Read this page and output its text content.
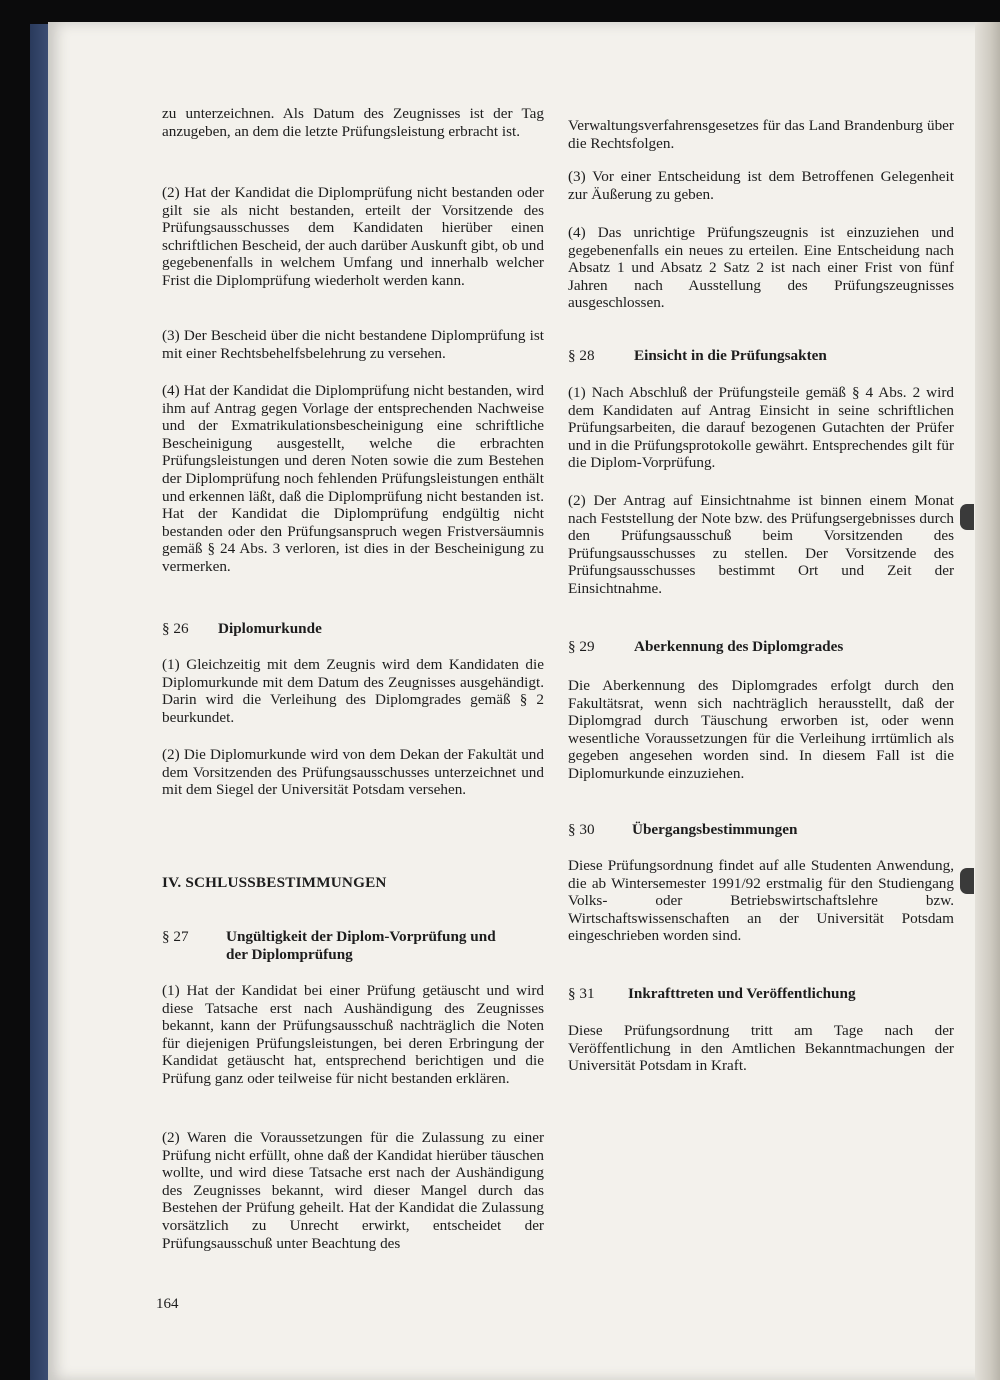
zu unterzeichnen. Als Datum des Zeugnisses ist der Tag anzugeben, an dem die letzte Prüfungsleistung erbracht ist.

(2) Hat der Kandidat die Diplomprüfung nicht bestanden oder gilt sie als nicht bestanden, erteilt der Vorsitzende des Prüfungsausschusses dem Kandidaten hierüber einen schriftlichen Bescheid, der auch darüber Auskunft gibt, ob und gegebenenfalls in welchem Umfang und innerhalb welcher Frist die Diplomprüfung wiederholt werden kann.

(3) Der Bescheid über die nicht bestandene Diplomprüfung ist mit einer Rechtsbehelfsbelehrung zu versehen.

(4) Hat der Kandidat die Diplomprüfung nicht bestanden, wird ihm auf Antrag gegen Vorlage der entsprechenden Nachweise und der Exmatrikulationsbescheinigung eine schriftliche Bescheinigung ausgestellt, welche die erbrachten Prüfungsleistungen und deren Noten sowie die zum Bestehen der Diplomprüfung noch fehlenden Prüfungsleistungen enthält und erkennen läßt, daß die Diplomprüfung nicht bestanden ist. Hat der Kandidat die Diplomprüfung endgültig nicht bestanden oder den Prüfungsanspruch wegen Fristversäumnis gemäß § 24 Abs. 3 verloren, ist dies in der Bescheinigung zu vermerken.

§ 26	Diplomurkunde

(1) Gleichzeitig mit dem Zeugnis wird dem Kandidaten die Diplomurkunde mit dem Datum des Zeugnisses ausgehändigt. Darin wird die Verleihung des Diplomgrades gemäß § 2 beurkundet.

(2) Die Diplomurkunde wird von dem Dekan der Fakultät und dem Vorsitzenden des Prüfungsausschusses unterzeichnet und mit dem Siegel der Universität Potsdam versehen.

IV. SCHLUSSBESTIMMUNGEN
§ 27	Ungültigkeit der Diplom-Vorprüfung und
der Diplomprüfung

(1) Hat der Kandidat bei einer Prüfung getäuscht und wird diese Tatsache erst nach Aushändigung des Zeugnisses bekannt, kann der Prüfungsausschuß nachträglich die Noten für diejenigen Prüfungsleistungen, bei deren Erbringung der Kandidat getäuscht hat, entsprechend berichtigen und die Prüfung ganz oder teilweise für nicht bestanden erklären.

(2) Waren die Voraussetzungen für die Zulassung zu einer Prüfung nicht erfüllt, ohne daß der Kandidat hierüber täuschen wollte, und wird diese Tatsache erst nach der Aushändigung des Zeugnisses bekannt, wird dieser Mangel durch das Bestehen der Prüfung geheilt. Hat der Kandidat die Zulassung vorsätzlich zu Unrecht erwirkt, entscheidet der Prüfungsausschuß unter Beachtung des

Verwaltungsverfahrensgesetzes für das Land Brandenburg über die Rechtsfolgen.

(3) Vor einer Entscheidung ist dem Betroffenen Gelegenheit zur Äußerung zu geben.

(4) Das unrichtige Prüfungszeugnis ist einzuziehen und gegebenenfalls ein neues zu erteilen. Eine Entscheidung nach Absatz 1 und Absatz 2 Satz 2 ist nach einer Frist von fünf Jahren nach Ausstellung des Prüfungszeugnisses ausgeschlossen.

§ 28	Einsicht in die Prüfungsakten

(1) Nach Abschluß der Prüfungsteile gemäß § 4 Abs. 2 wird dem Kandidaten auf Antrag Einsicht in seine schriftlichen Prüfungsarbeiten, die darauf bezogenen Gutachten der Prüfer und in die Prüfungsprotokolle gewährt. Entsprechendes gilt für die Diplom-Vorprüfung.

(2) Der Antrag auf Einsichtnahme ist binnen einem Monat nach Feststellung der Note bzw. des Prüfungsergebnisses durch den Prüfungsausschuß beim Vorsitzenden des Prüfungsausschusses zu stellen. Der Vorsitzende des Prüfungsausschusses bestimmt Ort und Zeit der Einsichtnahme.

§ 29	Aberkennung des Diplomgrades

Die Aberkennung des Diplomgrades erfolgt durch den Fakultätsrat, wenn sich nachträglich herausstellt, daß der Diplomgrad durch Täuschung erworben ist, oder wenn wesentliche Voraussetzungen für die Verleihung irrtümlich als gegeben angesehen worden sind. In diesem Fall ist die Diplomurkunde einzuziehen.

§ 30	Übergangsbestimmungen

Diese Prüfungsordnung findet auf alle Studenten Anwendung, die ab Wintersemester 1991/92 erstmalig für den Studiengang Volks- oder Betriebswirtschaftslehre bzw. Wirtschaftswissenschaften an der Universität Potsdam eingeschrieben worden sind.

§ 31	Inkrafttreten und Veröffentlichung

Diese Prüfungsordnung tritt am Tage nach der Veröffentlichung in den Amtlichen Bekanntmachungen der Universität Potsdam in Kraft.

164
